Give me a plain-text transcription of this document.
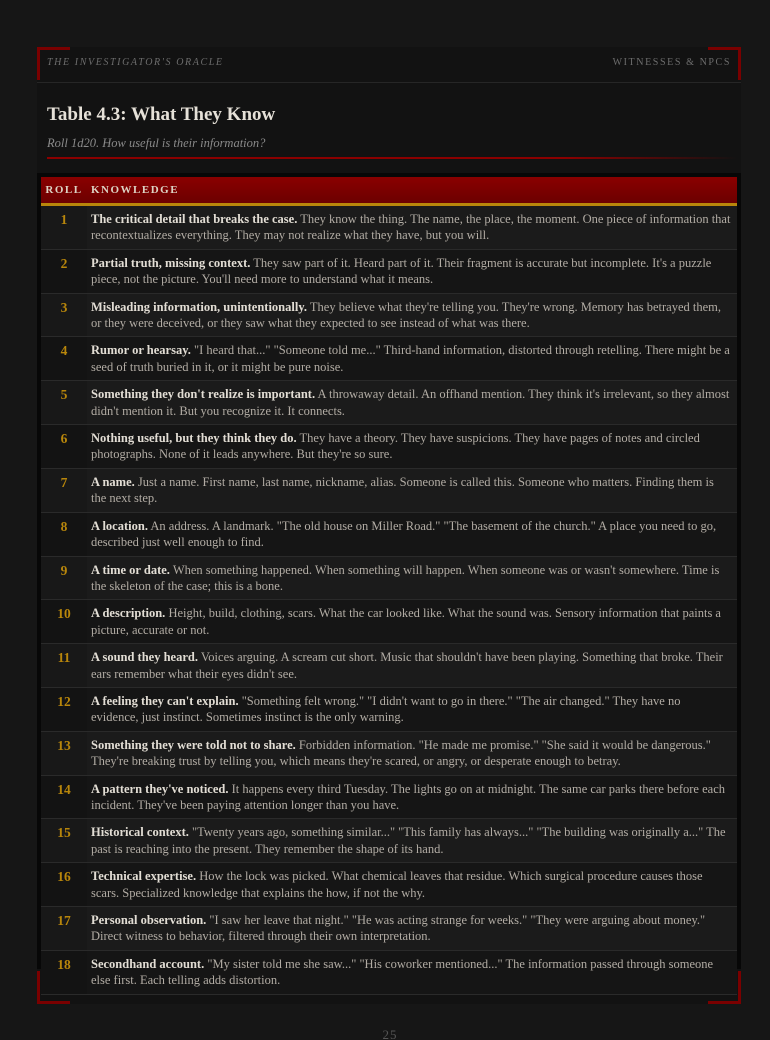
THE INVESTIGATOR'S ORACLE	WITNESSES & NPCS
Table 4.3: What They Know
Roll 1d20. How useful is their information?
ROLL	KNOWLEDGE
1	The critical detail that breaks the case. They know the thing. The name, the place, the moment. One piece of information that recontextualizes everything. They may not realize what they have, but you will.
2	Partial truth, missing context. They saw part of it. Heard part of it. Their fragment is accurate but incomplete. It's a puzzle piece, not the picture. You'll need more to understand what it means.
3	Misleading information, unintentionally. They believe what they're telling you. They're wrong. Memory has betrayed them, or they were deceived, or they saw what they expected to see instead of what was there.
4	Rumor or hearsay. "I heard that..." "Someone told me..." Third-hand information, distorted through retelling. There might be a seed of truth buried in it, or it might be pure noise.
5	Something they don't realize is important. A throwaway detail. An offhand mention. They think it's irrelevant, so they almost didn't mention it. But you recognize it. It connects.
6	Nothing useful, but they think they do. They have a theory. They have suspicions. They have pages of notes and circled photographs. None of it leads anywhere. But they're so sure.
7	A name. Just a name. First name, last name, nickname, alias. Someone is called this. Someone who matters. Finding them is the next step.
8	A location. An address. A landmark. "The old house on Miller Road." "The basement of the church." A place you need to go, described just well enough to find.
9	A time or date. When something happened. When something will happen. When someone was or wasn't somewhere. Time is the skeleton of the case; this is a bone.
10	A description. Height, build, clothing, scars. What the car looked like. What the sound was. Sensory information that paints a picture, accurate or not.
11	A sound they heard. Voices arguing. A scream cut short. Music that shouldn't have been playing. Something that broke. Their ears remember what their eyes didn't see.
12	A feeling they can't explain. "Something felt wrong." "I didn't want to go in there." "The air changed." They have no evidence, just instinct. Sometimes instinct is the only warning.
13	Something they were told not to share. Forbidden information. "He made me promise." "She said it would be dangerous." They're breaking trust by telling you, which means they're scared, or angry, or desperate enough to betray.
14	A pattern they've noticed. It happens every third Tuesday. The lights go on at midnight. The same car parks there before each incident. They've been paying attention longer than you have.
15	Historical context. "Twenty years ago, something similar..." "This family has always..." "The building was originally a..." The past is reaching into the present. They remember the shape of its hand.
16	Technical expertise. How the lock was picked. What chemical leaves that residue. Which surgical procedure causes those scars. Specialized knowledge that explains the how, if not the why.
17	Personal observation. "I saw her leave that night." "He was acting strange for weeks." "They were arguing about money." Direct witness to behavior, filtered through their own interpretation.
18	Secondhand account. "My sister told me she saw..." "His coworker mentioned..." The information passed through someone else first. Each telling adds distortion.
25
